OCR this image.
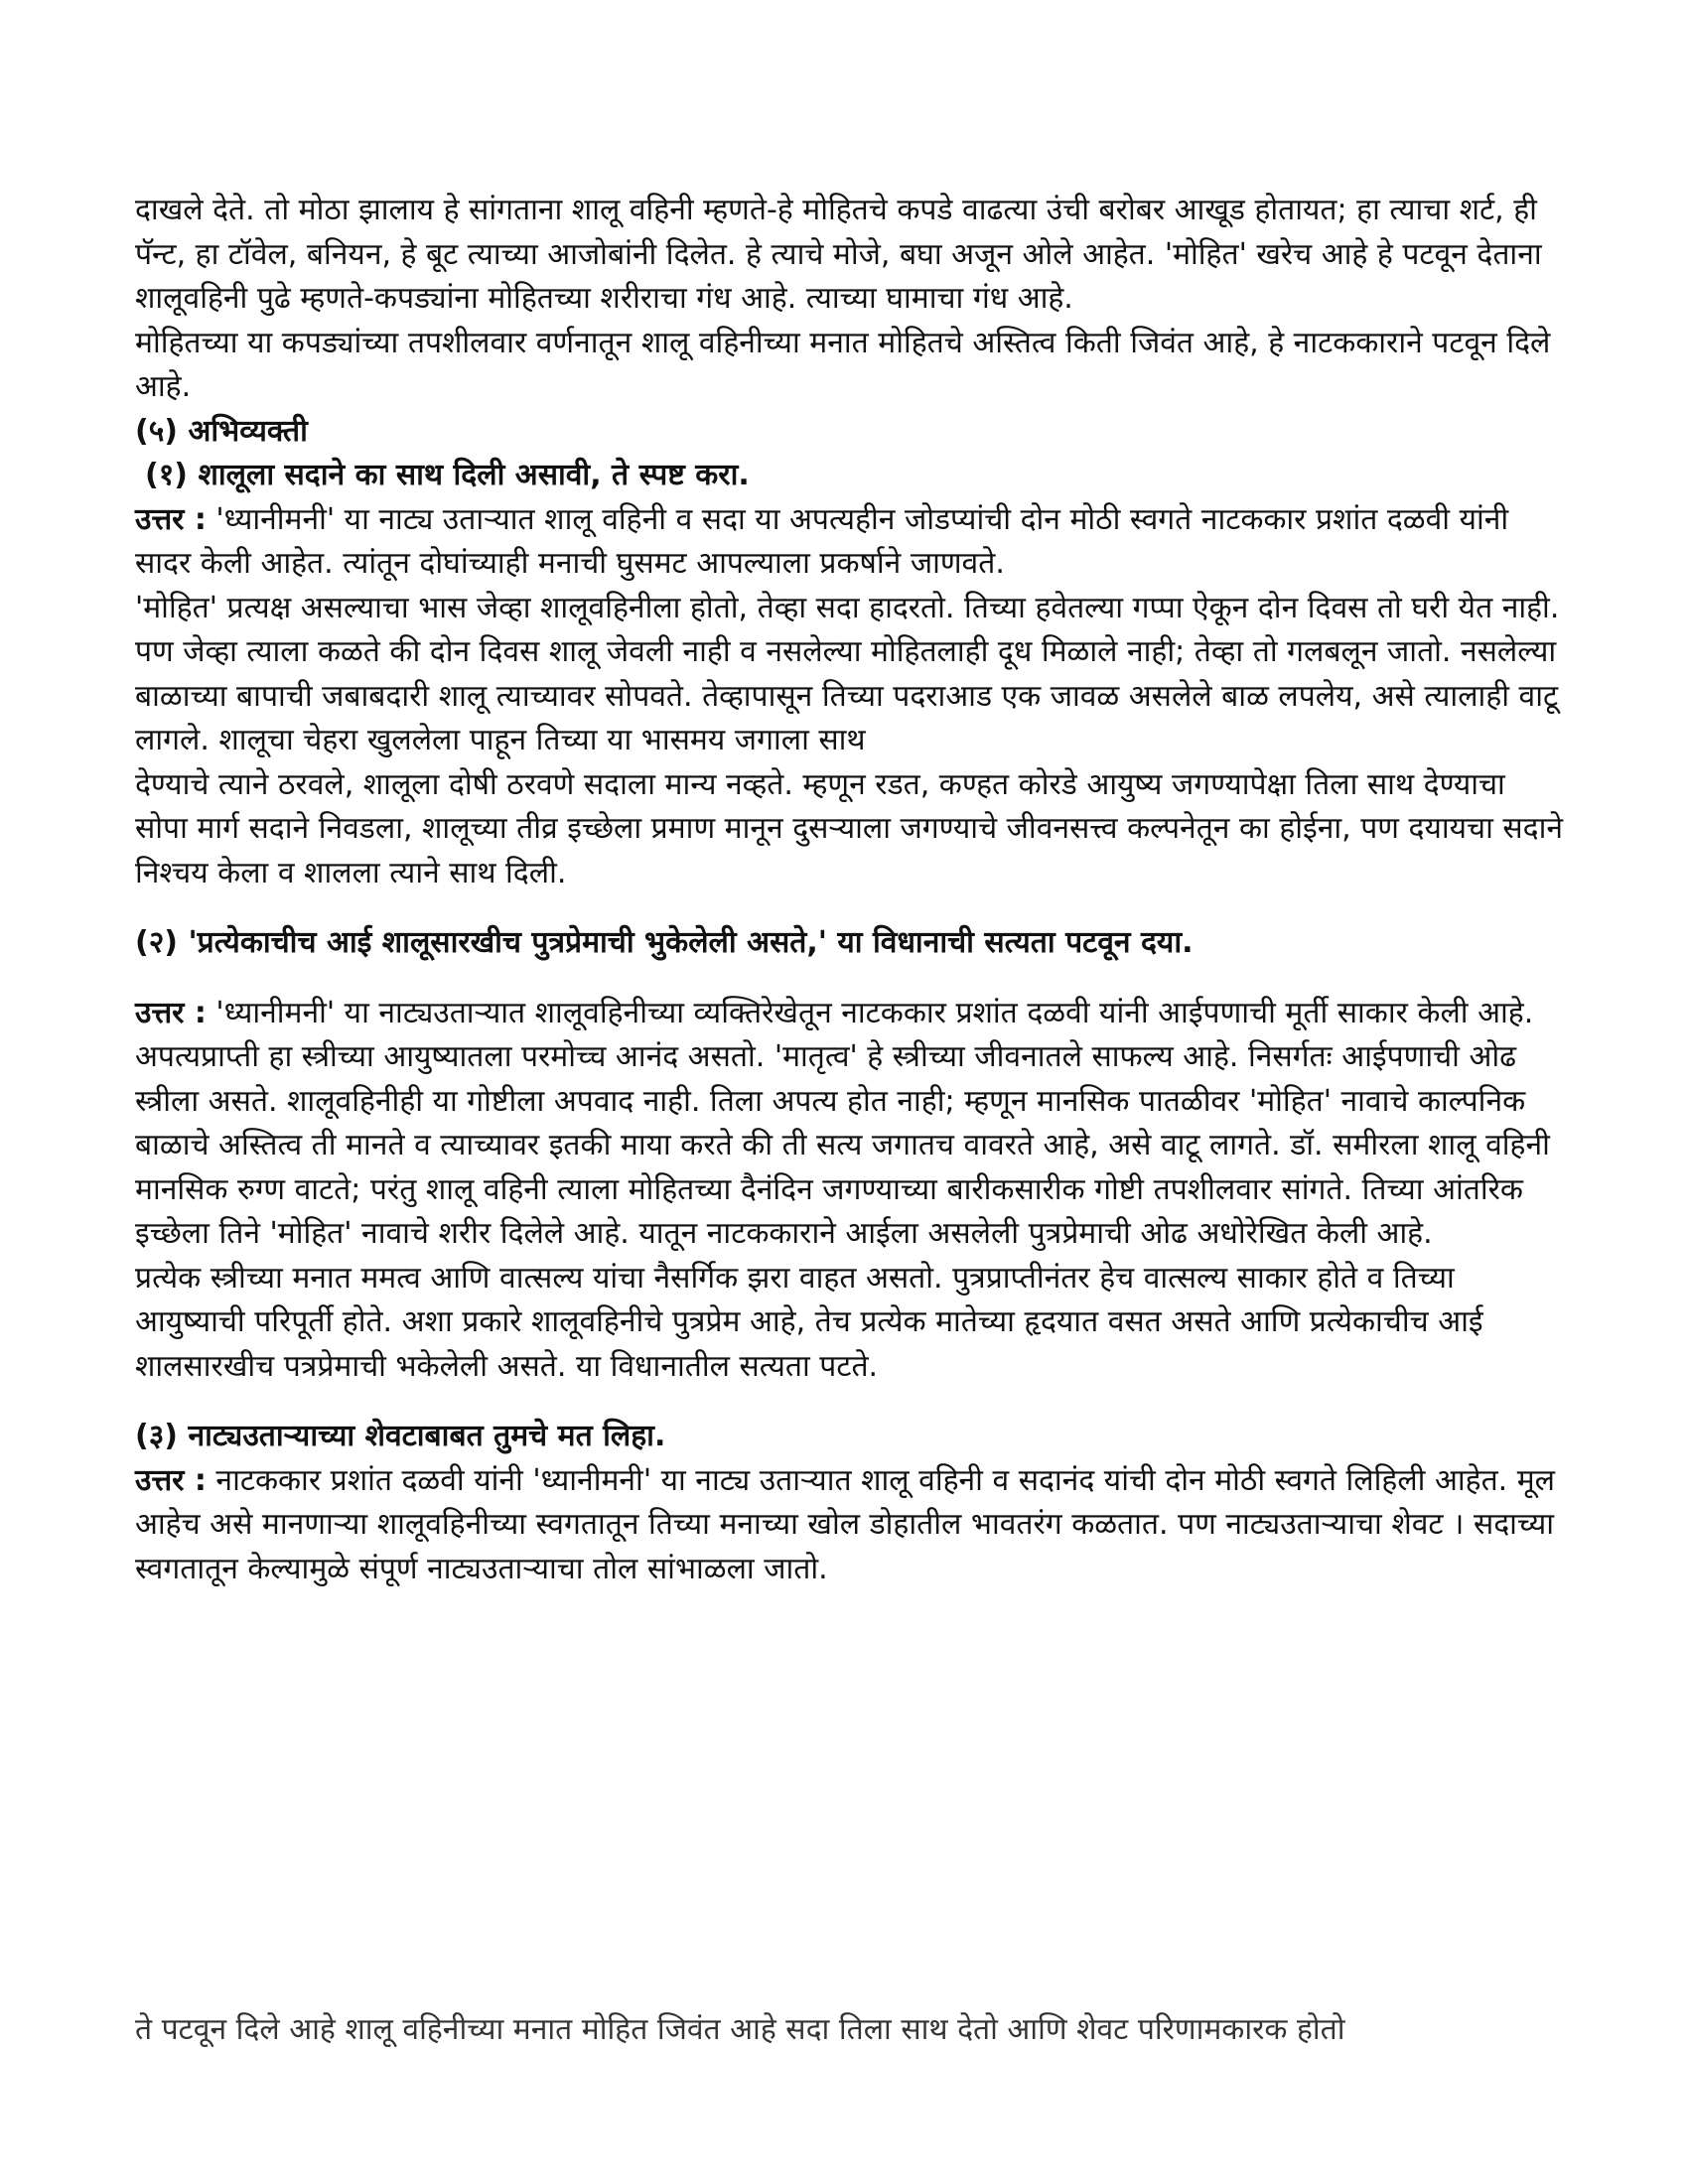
दाखले देते. तो मोठा झालाय हे सांगताना शालू वहिनी म्हणते-हे मोहितचे कपडे वाढत्या उंची बरोबर आखूड होतायत; हा त्याचा शर्ट, ही पॅन्ट, हा टॉवेल, बनियन, हे बूट त्याच्या आजोबांनी दिलेत. हे त्याचे मोजे, बघा अजून ओले आहेत. 'मोहित' खरेच आहे हे पटवून देताना शालूवहिनी पुढे म्हणते-कपड्यांना मोहितच्या शरीराचा गंध आहे. त्याच्या घामाचा गंध आहे.

मोहितच्या या कपड्यांच्या तपशीलवार वर्णनातून शालू वहिनीच्या मनात मोहितचे अस्तित्व किती जिवंत आहे, हे नाटककाराने पटवून दिले आहे.

(५) अभिव्यक्ती

(१) शालूला सदाने का साथ दिली असावी, ते स्पष्ट करा.

उत्तर : 'ध्यानीमनी' या नाट्य उताऱ्यात शालू वहिनी व सदा या अपत्यहीन जोडप्यांची दोन मोठी स्वगते नाटककार प्रशांत दळवी यांनी सादर केली आहेत. त्यांतून दोघांच्याही मनाची घुसमट आपल्याला प्रकर्षाने जाणवते.

'मोहित' प्रत्यक्ष असल्याचा भास जेव्हा शालूवहिनीला होतो, तेव्हा सदा हादरतो. तिच्या हवेतल्या गप्पा ऐकून दोन दिवस तो घरी येत नाही. पण जेव्हा त्याला कळते की दोन दिवस शालू जेवली नाही व नसलेल्या मोहितलाही दूध मिळाले नाही; तेव्हा तो गलबलून जातो. नसलेल्या बाळाच्या बापाची जबाबदारी शालू त्याच्यावर सोपवते. तेव्हापासून तिच्या पदराआड एक जावळ असलेले बाळ लपलेय, असे त्यालाही वाटू लागले. शालूचा चेहरा खुललेला पाहून तिच्या या भासमय जगाला साथ

देण्याचे त्याने ठरवले, शालूला दोषी ठरवणे सदाला मान्य नव्हते. म्हणून रडत, कण्हत कोरडे आयुष्य जगण्यापेक्षा तिला साथ देण्याचा सोपा मार्ग सदाने निवडला, शालूच्या तीव्र इच्छेला प्रमाण मानून दुसऱ्याला जगण्याचे जीवनसत्त्व कल्पनेतून का होईना, पण दयायचा सदाने निश्चय केला व शालला त्याने साथ दिली.

(२) 'प्रत्येकाचीच आई शालूसारखीच पुत्रप्रेमाची भुकेलेली असते,' या विधानाची सत्यता पटवून दया.

उत्तर : 'ध्यानीमनी' या नाट्यउताऱ्यात शालूवहिनीच्या व्यक्तिरेखेतून नाटककार प्रशांत दळवी यांनी आईपणाची मूर्ती साकार केली आहे. अपत्यप्राप्ती हा स्त्रीच्या आयुष्यातला परमोच्च आनंद असतो. 'मातृत्व' हे स्त्रीच्या जीवनातले साफल्य आहे. निसर्गतः आईपणाची ओढ स्त्रीला असते. शालूवहिनीही या गोष्टीला अपवाद नाही. तिला अपत्य होत नाही; म्हणून मानसिक पातळीवर 'मोहित' नावाचे काल्पनिक बाळाचे अस्तित्व ती मानते व त्याच्यावर इतकी माया करते की ती सत्य जगातच वावरते आहे, असे वाटू लागते. डॉ. समीरला शालू वहिनी मानसिक रुग्ण वाटते; परंतु शालू वहिनी त्याला मोहितच्या दैनंदिन जगण्याच्या बारीकसारीक गोष्टी तपशीलवार सांगते. तिच्या आंतरिक इच्छेला तिने 'मोहित' नावाचे शरीर दिलेले आहे. यातून नाटककाराने आईला असलेली पुत्रप्रेमाची ओढ अधोरेखित केली आहे.

प्रत्येक स्त्रीच्या मनात ममत्व आणि वात्सल्य यांचा नैसर्गिक झरा वाहत असतो. पुत्रप्राप्तीनंतर हेच वात्सल्य साकार होते व तिच्या आयुष्याची परिपूर्ती होते. अशा प्रकारे शालूवहिनीचे पुत्रप्रेम आहे, तेच प्रत्येक मातेच्या हृदयात वसत असते आणि प्रत्येकाचीच आई शालसारखीच पत्रप्रेमाची भकेलेली असते. या विधानातील सत्यता पटते.

(३) नाट्यउताऱ्याच्या शेवटाबाबत तुमचे मत लिहा.

उत्तर : नाटककार प्रशांत दळवी यांनी 'ध्यानीमनी' या नाट्य उताऱ्यात शालू वहिनी व सदानंद यांची दोन मोठी स्वगते लिहिली आहेत. मूल आहेच असे मानणाऱ्या शालूवहिनीच्या स्वगतातून तिच्या मनाच्या खोल डोहातील भावतरंग कळतात. पण नाट्यउताऱ्याचा शेवट । सदाच्या स्वगतातून केल्यामुळे संपूर्ण नाट्यउताऱ्याचा तोल सांभाळला जातो.

ते पटवून दिले आहे शालू वहिनीच्या मनात मोहित जिवंत आहे सदा तिला साथ देतो आणि शेवट परिणामकारक होतो
